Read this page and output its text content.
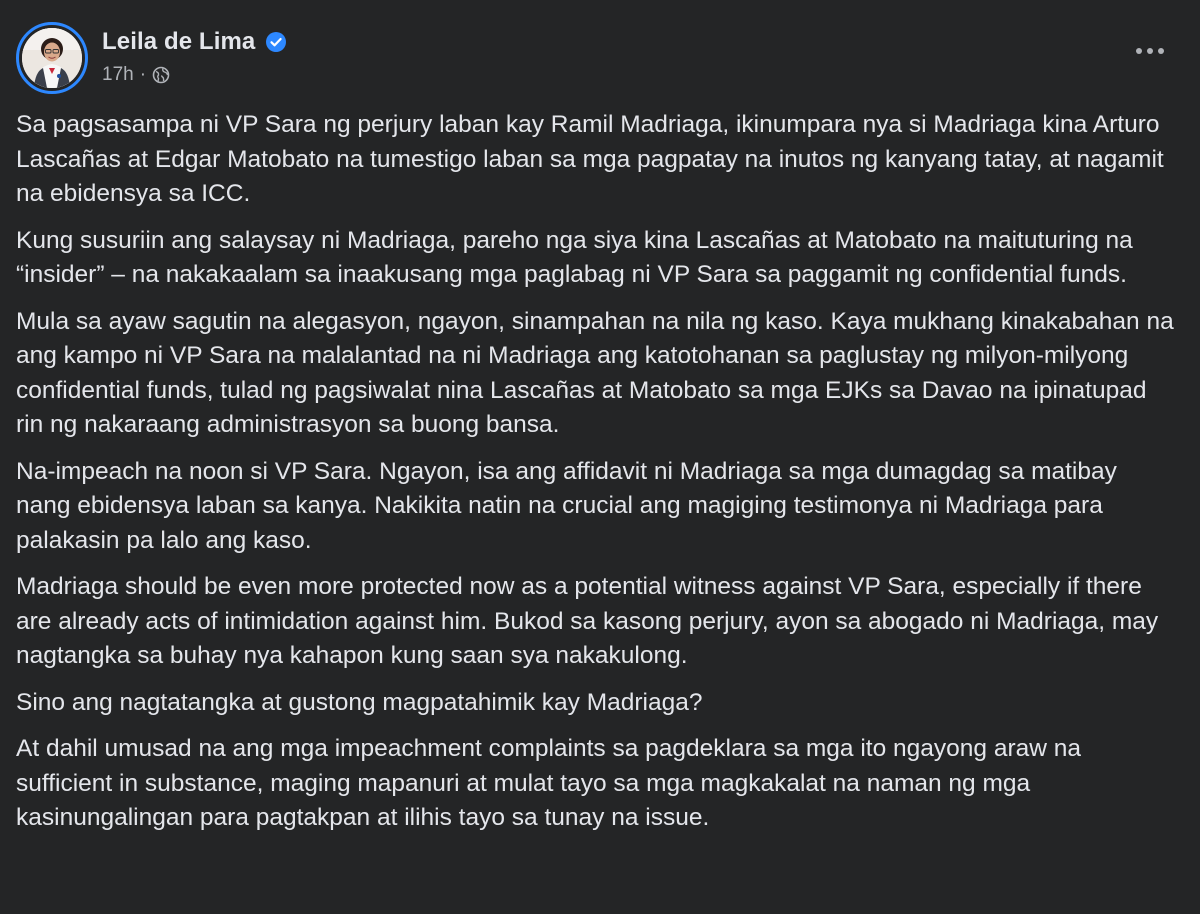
Leila de Lima
17h ·

Sa pagsasampa ni VP Sara ng perjury laban kay Ramil Madriaga, ikinumpara nya si Madriaga kina Arturo Lascañas at Edgar Matobato na tumestigo laban sa mga pagpatay na inutos ng kanyang tatay, at nagamit na ebidensya sa ICC.

Kung susuriin ang salaysay ni Madriaga, pareho nga siya kina Lascañas at Matobato na maituturing na “insider” – na nakakaalam sa inaakusang mga paglabag ni VP Sara sa paggamit ng confidential funds.

Mula sa ayaw sagutin na alegasyon, ngayon, sinampahan na nila ng kaso. Kaya mukhang kinakabahan na ang kampo ni VP Sara na malalantad na ni Madriaga ang katotohanan sa paglustay ng milyon-milyong confidential funds, tulad ng pagsiwalat nina Lascañas at Matobato sa mga EJKs sa Davao na ipinatupad rin ng nakaraang administrasyon sa buong bansa.

Na-impeach na noon si VP Sara. Ngayon, isa ang affidavit ni Madriaga sa mga dumagdag sa matibay nang ebidensya laban sa kanya. Nakikita natin na crucial ang magiging testimonya ni Madriaga para palakasin pa lalo ang kaso.

Madriaga should be even more protected now as a potential witness against VP Sara, especially if there are already acts of intimidation against him. Bukod sa kasong perjury, ayon sa abogado ni Madriaga, may nagtangka sa buhay nya kahapon kung saan sya nakakulong.

Sino ang nagtatangka at gustong magpatahimik kay Madriaga?

At dahil umusad na ang mga impeachment complaints sa pagdeklara sa mga ito ngayong araw na sufficient in substance, maging mapanuri at mulat tayo sa mga magkakalat na naman ng mga kasinungalingan para pagtakpan at ilihis tayo sa tunay na issue.
